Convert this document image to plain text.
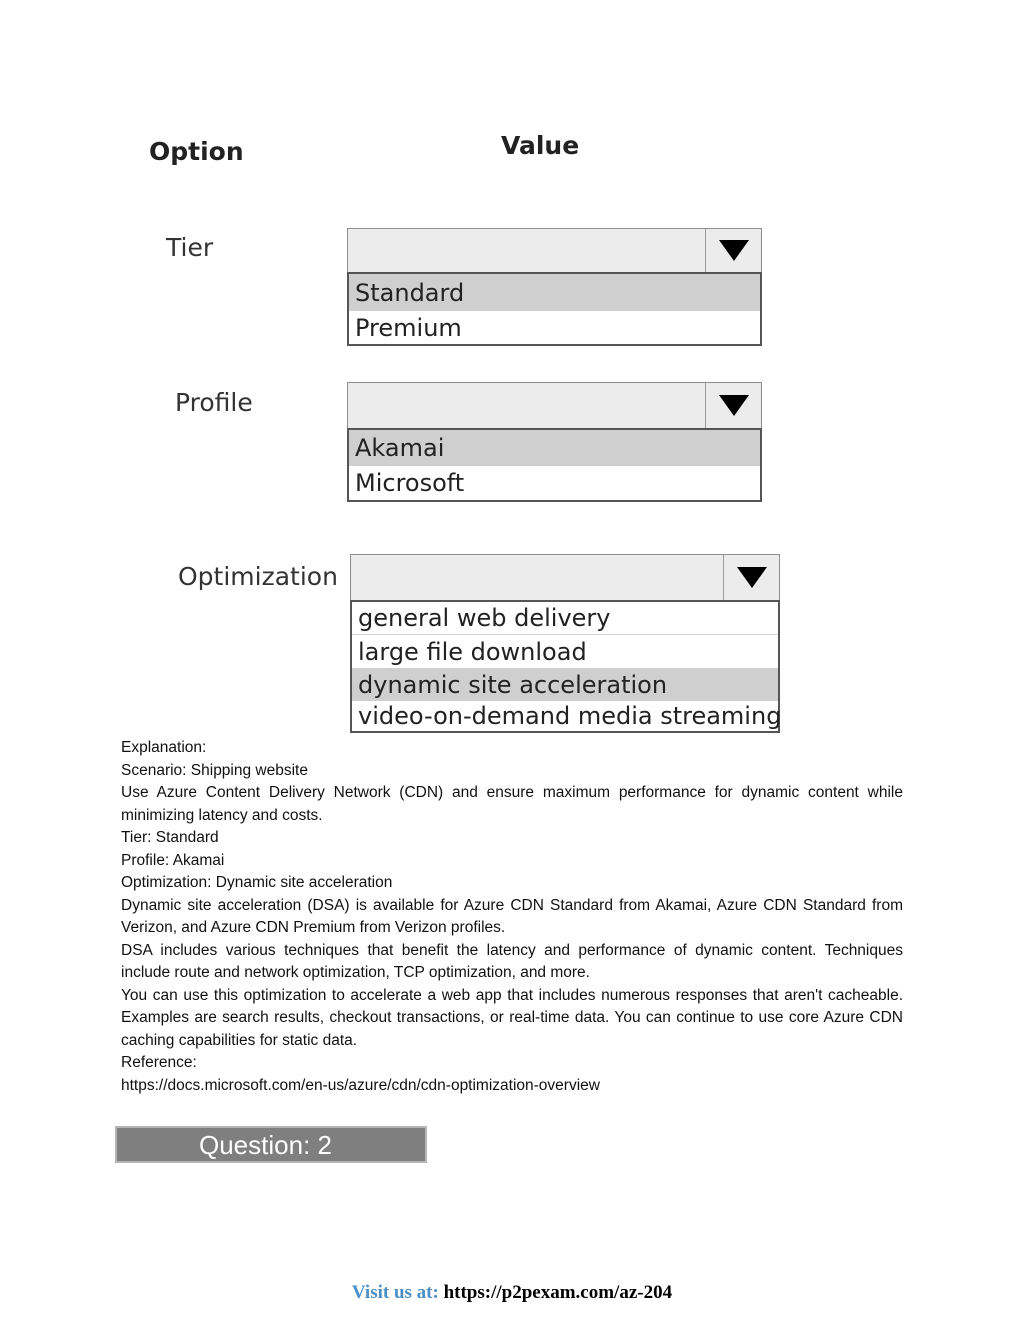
Option	Value
Tier
Standard
Premium
Profile
Akamai
Microsoft
Optimization
general web delivery
large file download
dynamic site acceleration
video-on-demand media streaming

Explanation:

Scenario: Shipping website

Use Azure Content Delivery Network (CDN) and ensure maximum performance for dynamic content while minimizing latency and costs.

Tier: Standard

Profile: Akamai

Optimization: Dynamic site acceleration

Dynamic site acceleration (DSA) is available for Azure CDN Standard from Akamai, Azure CDN Standard from Verizon, and Azure CDN Premium from Verizon profiles.

DSA includes various techniques that benefit the latency and performance of dynamic content. Techniques include route and network optimization, TCP optimization, and more.

You can use this optimization to accelerate a web app that includes numerous responses that aren't cacheable. Examples are search results, checkout transactions, or real-time data. You can continue to use core Azure CDN caching capabilities for static data.

Reference:

https://docs.microsoft.com/en-us/azure/cdn/cdn-optimization-overview

Question: 2
Visit us at: https://p2pexam.com/az-204
